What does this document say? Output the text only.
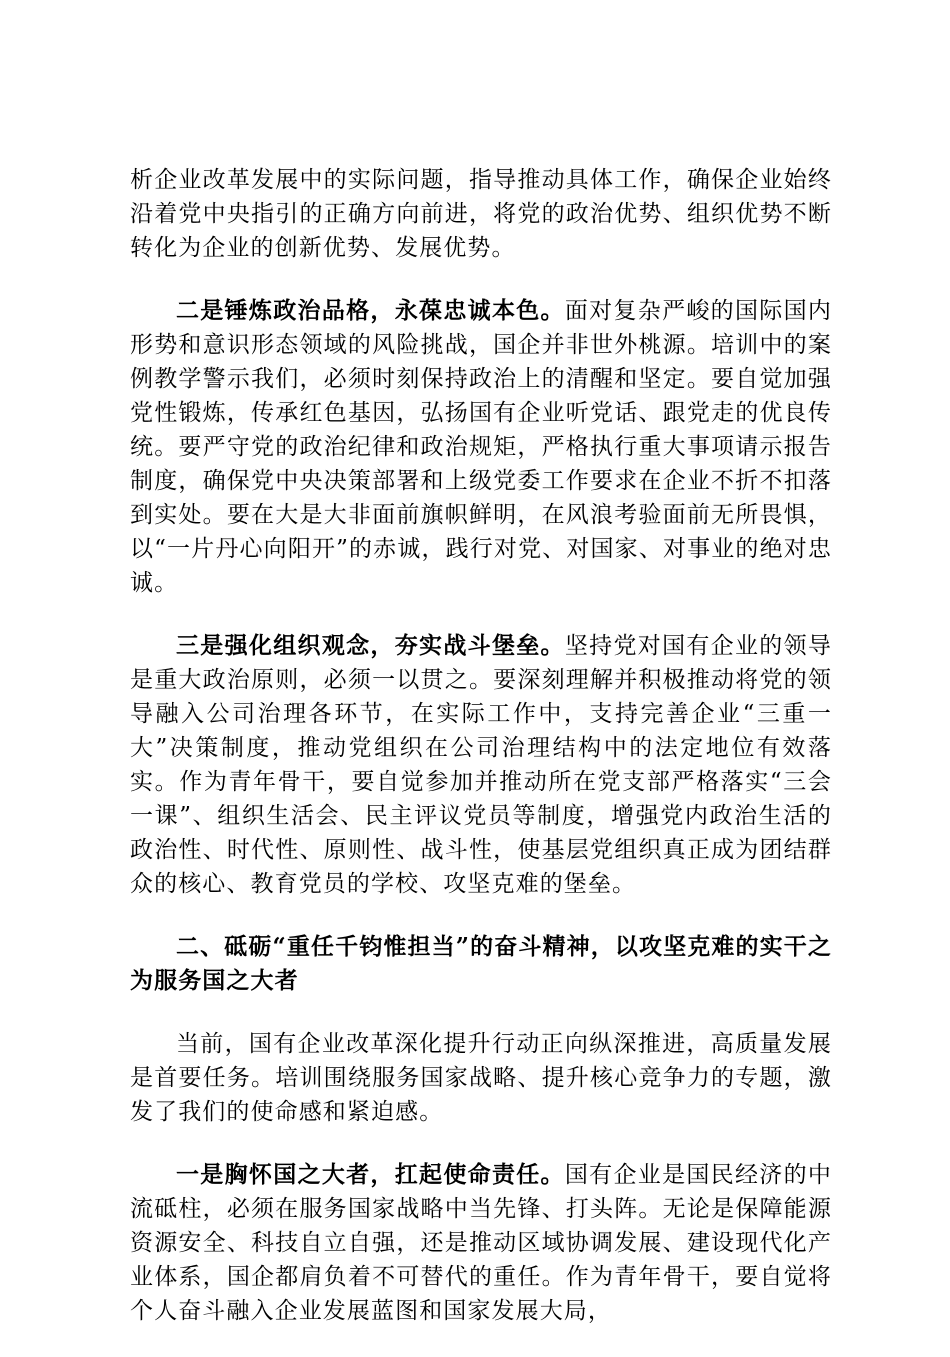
析企业改革发展中的实际问题，指导推动具体工作，确保企业始终沿着党中央指引的正确方向前进，将党的政治优势、组织优势不断转化为企业的创新优势、发展优势。

二是锤炼政治品格，永葆忠诚本色。面对复杂严峻的国际国内形势和意识形态领域的风险挑战，国企并非世外桃源。培训中的案例教学警示我们，必须时刻保持政治上的清醒和坚定。要自觉加强党性锻炼，传承红色基因，弘扬国有企业听党话、跟党走的优良传统。要严守党的政治纪律和政治规矩，严格执行重大事项请示报告制度，确保党中央决策部署和上级党委工作要求在企业不折不扣落到实处。要在大是大非面前旗帜鲜明，在风浪考验面前无所畏惧，以“一片丹心向阳开”的赤诚，践行对党、对国家、对事业的绝对忠诚。

三是强化组织观念，夯实战斗堡垒。坚持党对国有企业的领导是重大政治原则，必须一以贯之。要深刻理解并积极推动将党的领导融入公司治理各环节，在实际工作中，支持完善企业“三重一大”决策制度，推动党组织在公司治理结构中的法定地位有效落实。作为青年骨干，要自觉参加并推动所在党支部严格落实“三会一课”、组织生活会、民主评议党员等制度，增强党内政治生活的政治性、时代性、原则性、战斗性，使基层党组织真正成为团结群众的核心、教育党员的学校、攻坚克难的堡垒。

二、砥砺“重任千钧惟担当”的奋斗精神，以攻坚克难的实干之为服务国之大者

当前，国有企业改革深化提升行动正向纵深推进，高质量发展是首要任务。培训围绕服务国家战略、提升核心竞争力的专题，激发了我们的使命感和紧迫感。

一是胸怀国之大者，扛起使命责任。国有企业是国民经济的中流砥柱，必须在服务国家战略中当先锋、打头阵。无论是保障能源资源安全、科技自立自强，还是推动区域协调发展、建设现代化产业体系，国企都肩负着不可替代的重任。作为青年骨干，要自觉将个人奋斗融入企业发展蓝图和国家发展大局，
